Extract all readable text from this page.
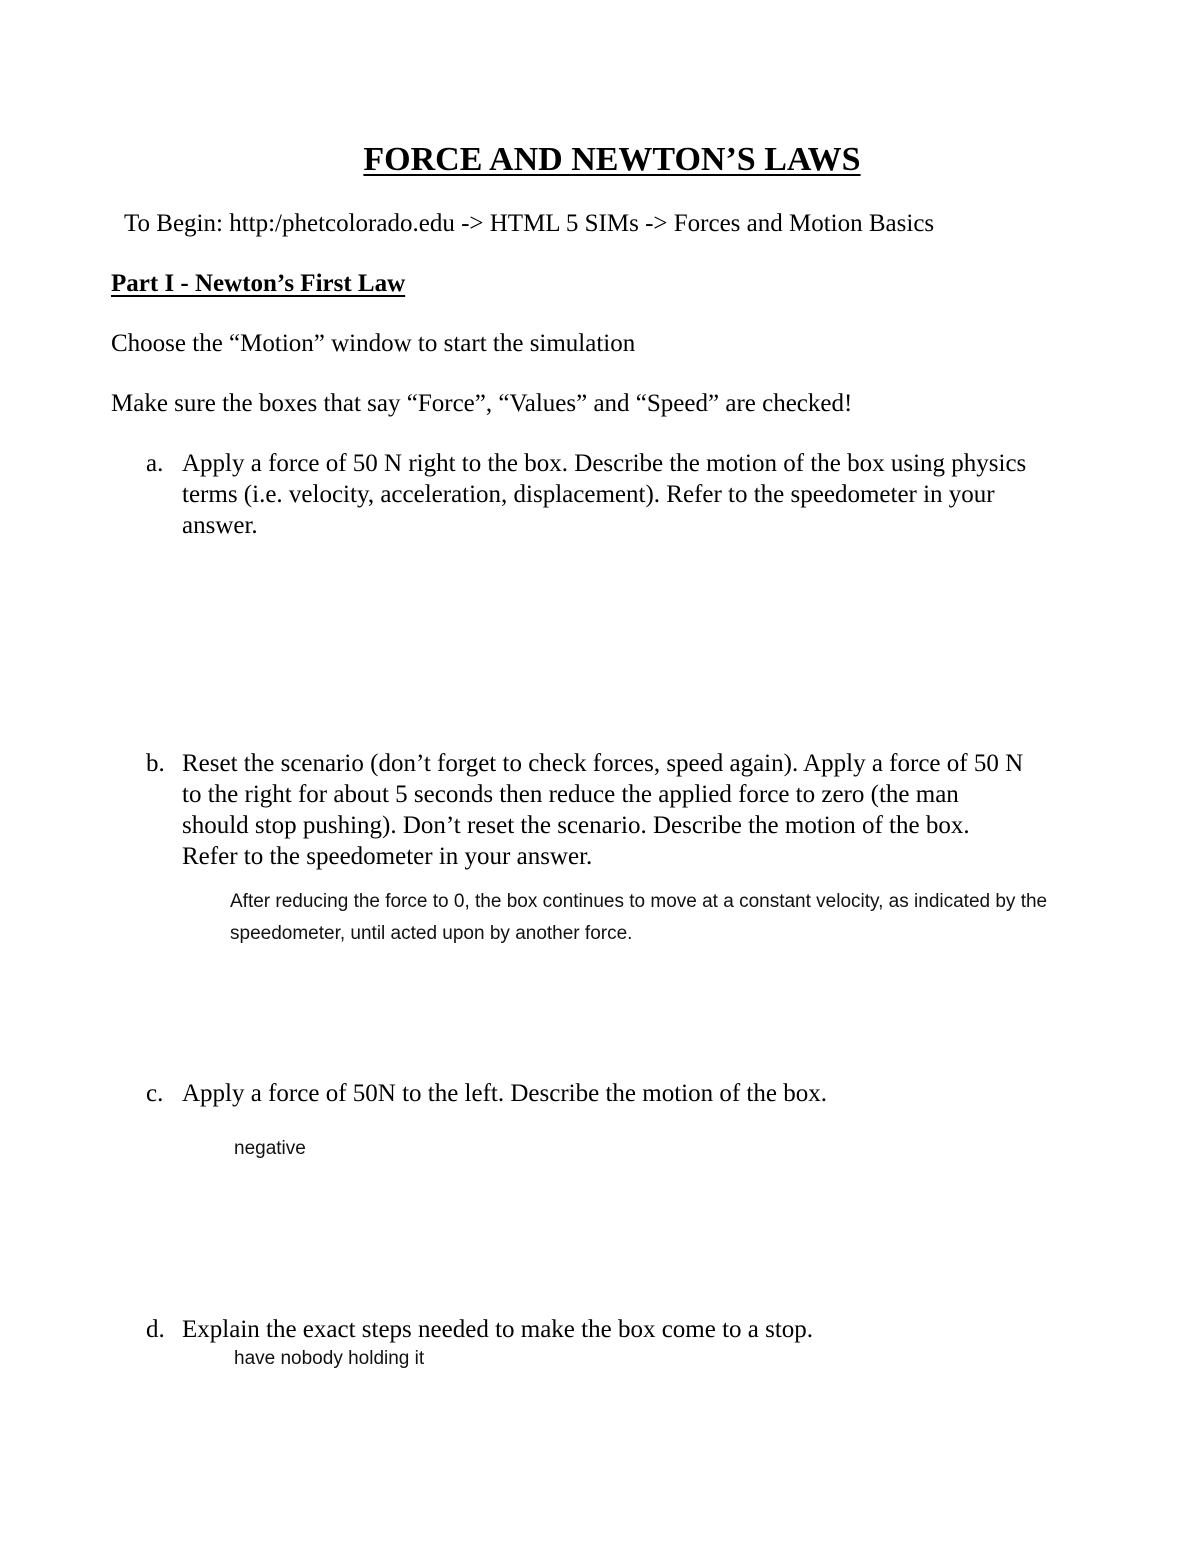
FORCE AND NEWTON’S LAWS

To Begin: http:/phetcolorado.edu -> HTML 5 SIMs -> Forces and Motion Basics

Part I - Newton’s First Law

Choose the “Motion” window to start the simulation

Make sure the boxes that say “Force”, “Values” and “Speed” are checked!

a. Apply a force of 50 N right to the box. Describe the motion of the box using physics

terms (i.e. velocity, acceleration, displacement). Refer to the speedometer in your

answer.

b. Reset the scenario (don’t forget to check forces, speed again). Apply a force of 50 N

to the right for about 5 seconds then reduce the applied force to zero (the man

should stop pushing). Don’t reset the scenario. Describe the motion of the box.

Refer to the speedometer in your answer.

After reducing the force to 0, the box continues to move at a constant velocity, as indicated by the

speedometer, until acted upon by another force.

c. Apply a force of 50N to the left. Describe the motion of the box.

negative

d. Explain the exact steps needed to make the box come to a stop.

have nobody holding it
